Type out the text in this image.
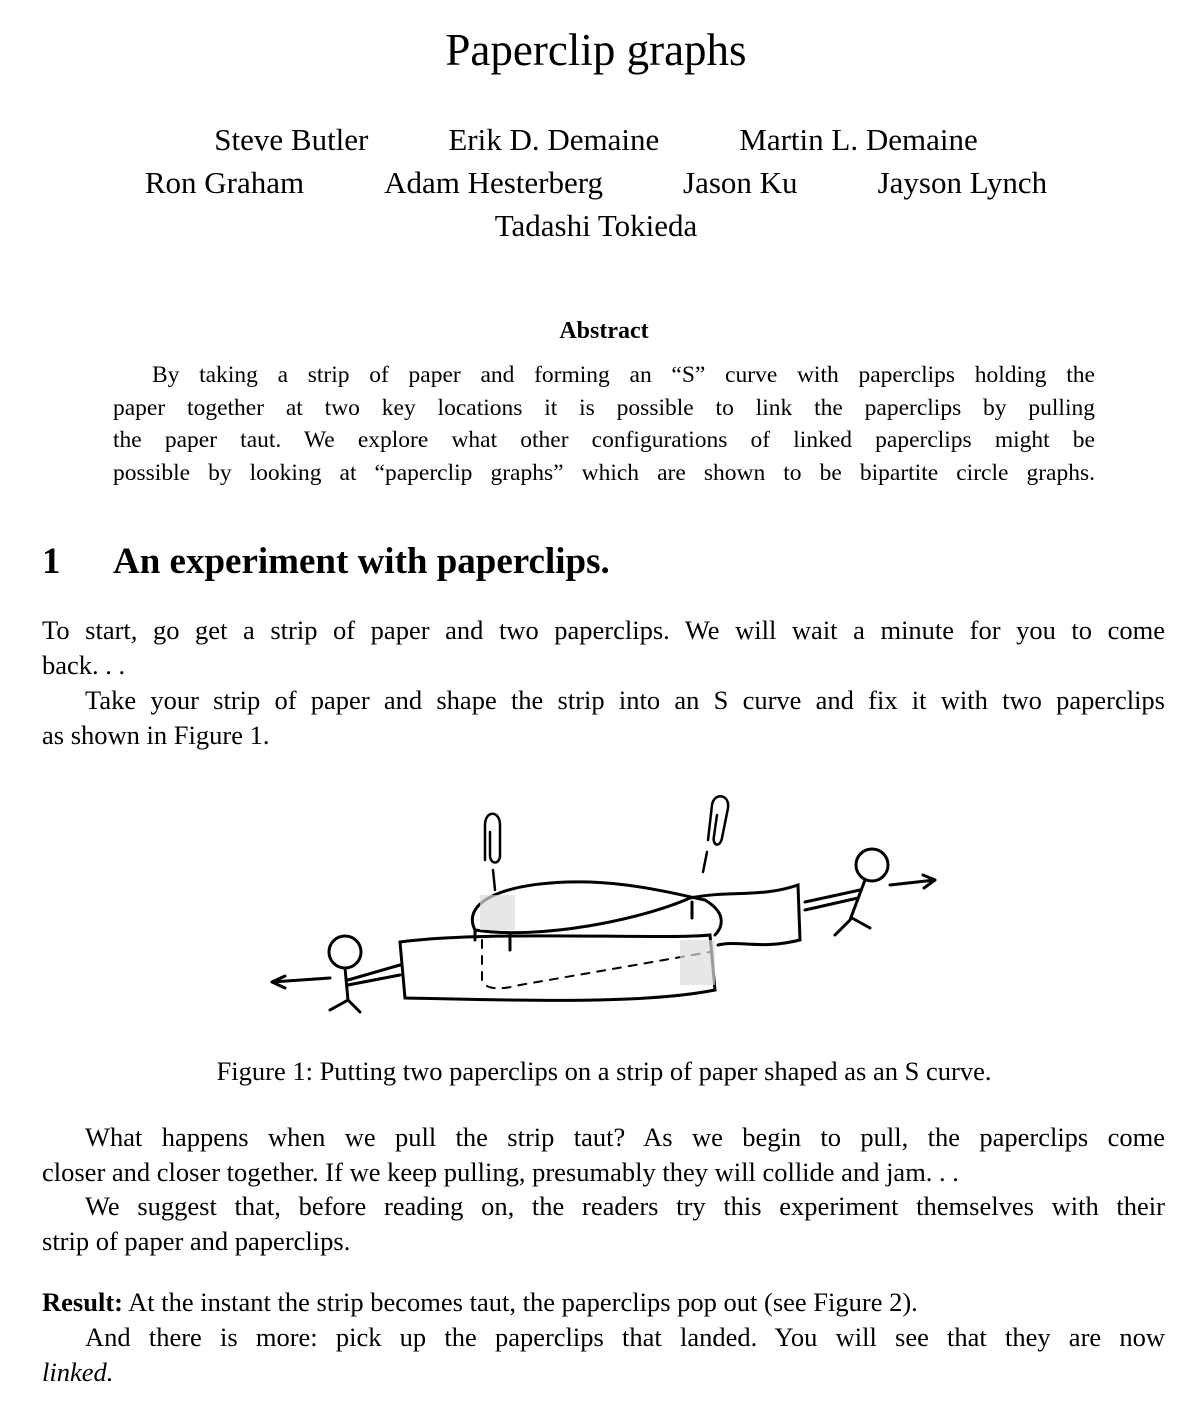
Paperclip graphs
Steve Butler	Erik D. Demaine	Martin L. Demaine
Ron Graham	Adam Hesterberg	Jason Ku	Jayson Lynch
Tadashi Tokieda
Abstract
By taking a strip of paper and forming an “S” curve with paperclips holding the
paper together at two key locations it is possible to link the paperclips by pulling
the paper taut. We explore what other configurations of linked paperclips might be
possible by looking at “paperclip graphs” which are shown to be bipartite circle graphs.
1 An experiment with paperclips.
To start, go get a strip of paper and two paperclips. We will wait a minute for you to come
back. . .
Take your strip of paper and shape the strip into an S curve and fix it with two paperclips
as shown in Figure 1.
Figure 1: Putting two paperclips on a strip of paper shaped as an S curve.
What happens when we pull the strip taut? As we begin to pull, the paperclips come
closer and closer together. If we keep pulling, presumably they will collide and jam. . .
We suggest that, before reading on, the readers try this experiment themselves with their
strip of paper and paperclips.
Result: At the instant the strip becomes taut, the paperclips pop out (see Figure 2).
And there is more: pick up the paperclips that landed. You will see that they are now
linked.
